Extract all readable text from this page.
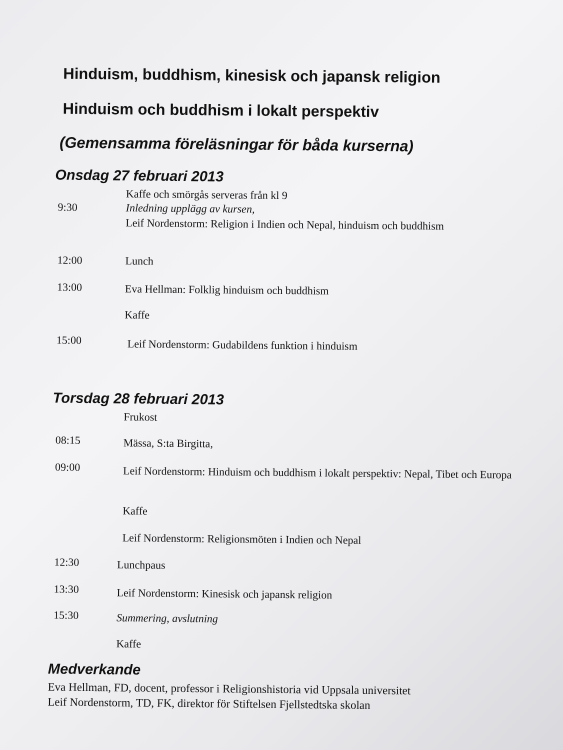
Hinduism, buddhism, kinesisk och japansk religion
Hinduism och buddhism i lokalt perspektiv
(Gemensamma föreläsningar för båda kurserna)
Onsdag 27 februari 2013
Kaffe och smörgås serveras från kl 9
9:30	Inledning upplägg av kursen,
Leif Nordenstorm: Religion i Indien och Nepal, hinduism och buddhism
12:00	Lunch
13:00	Eva Hellman: Folklig hinduism och buddhism
Kaffe
15:00	Leif Nordenstorm: Gudabildens funktion i hinduism
Torsdag 28 februari 2013
Frukost
08:15	Mässa, S:ta Birgitta,
09:00	Leif Nordenstorm: Hinduism och buddhism i lokalt perspektiv: Nepal, Tibet och Europa
Kaffe
Leif Nordenstorm: Religionsmöten i Indien och Nepal
12:30	Lunchpaus
13:30	Leif Nordenstorm: Kinesisk och japansk religion
15:30	Summering, avslutning
Kaffe
Medverkande
Eva Hellman, FD, docent, professor i Religionshistoria vid Uppsala universitet
Leif Nordenstorm, TD, FK, direktor för Stiftelsen Fjellstedtska skolan
